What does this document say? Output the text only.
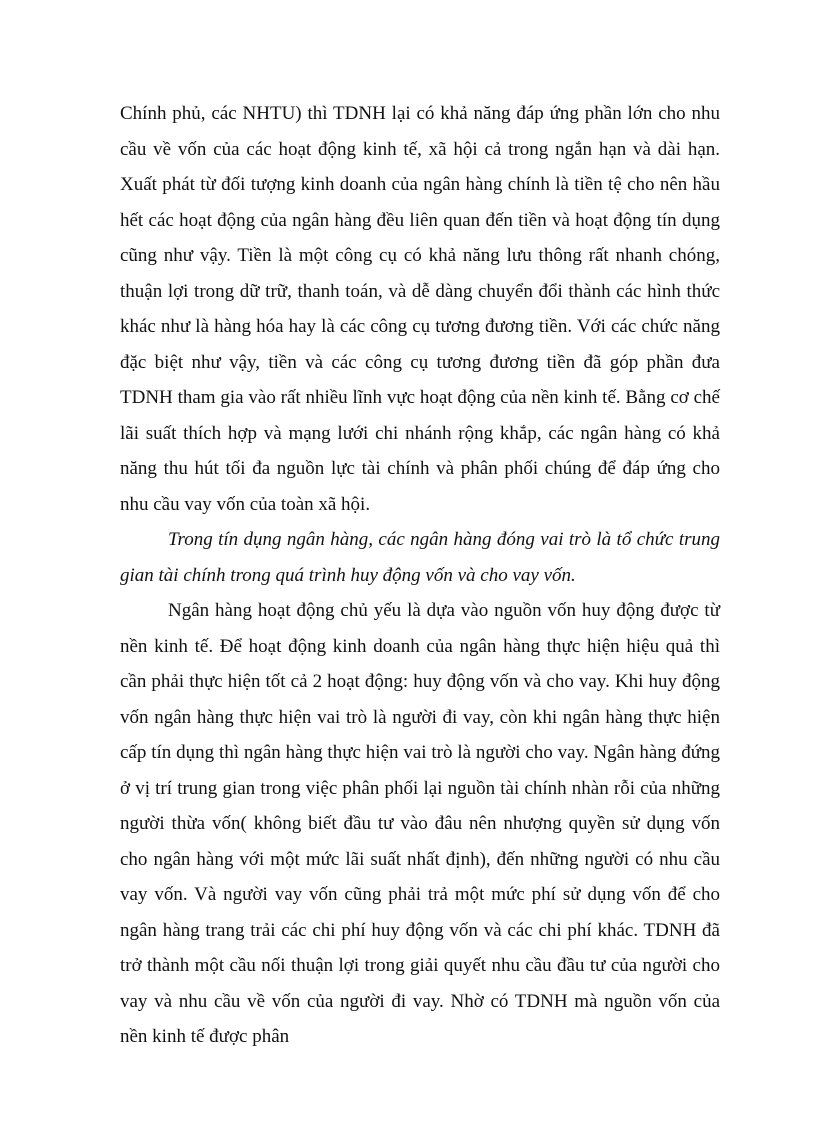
Chính phủ, các NHTU) thì TDNH lại có khả năng đáp ứng phần lớn cho nhu cầu về vốn của các hoạt động kinh tế, xã hội cả trong ngắn hạn và dài hạn. Xuất phát từ đối tượng kinh doanh của ngân hàng chính là tiền tệ cho nên hầu hết các hoạt động của ngân hàng đều liên quan đến tiền và hoạt động tín dụng cũng như vậy. Tiền là một công cụ có khả năng lưu thông rất nhanh chóng, thuận lợi trong dữ trữ, thanh toán, và dễ dàng chuyển đổi thành các hình thức khác như là hàng hóa hay là các công cụ tương đương tiền. Với các chức năng đặc biệt như vậy, tiền và các công cụ tương đương tiền đã góp phần đưa TDNH tham gia vào rất nhiều lĩnh vực hoạt động của nền kinh tế. Bằng cơ chế lãi suất thích hợp và mạng lưới chi nhánh rộng khắp, các ngân hàng có khả năng thu hút tối đa nguồn lực tài chính và phân phối chúng để đáp ứng cho nhu cầu vay vốn của toàn xã hội.

Trong tín dụng ngân hàng, các ngân hàng đóng vai trò là tổ chức trung gian tài chính trong quá trình huy động vốn và cho vay vốn.

Ngân hàng hoạt động chủ yếu là dựa vào nguồn vốn huy động được từ nền kinh tế. Để hoạt động kinh doanh của ngân hàng thực hiện hiệu quả thì cần phải thực hiện tốt cả 2 hoạt động: huy động vốn và cho vay. Khi huy động vốn ngân hàng thực hiện vai trò là người đi vay, còn khi ngân hàng thực hiện cấp tín dụng thì ngân hàng thực hiện vai trò là người cho vay. Ngân hàng đứng ở vị trí trung gian trong việc phân phối lại nguồn tài chính nhàn rỗi của những người thừa vốn( không biết đầu tư vào đâu nên nhượng quyền sử dụng vốn cho ngân hàng với một mức lãi suất nhất định), đến những người có nhu cầu vay vốn. Và người vay vốn cũng phải trả một mức phí sử dụng vốn để cho ngân hàng trang trải các chi phí huy động vốn và các chi phí khác. TDNH đã trở thành một cầu nối thuận lợi trong giải quyết nhu cầu đầu tư của người cho vay và nhu cầu về vốn của người đi vay. Nhờ có TDNH mà nguồn vốn của nền kinh tế được phân
